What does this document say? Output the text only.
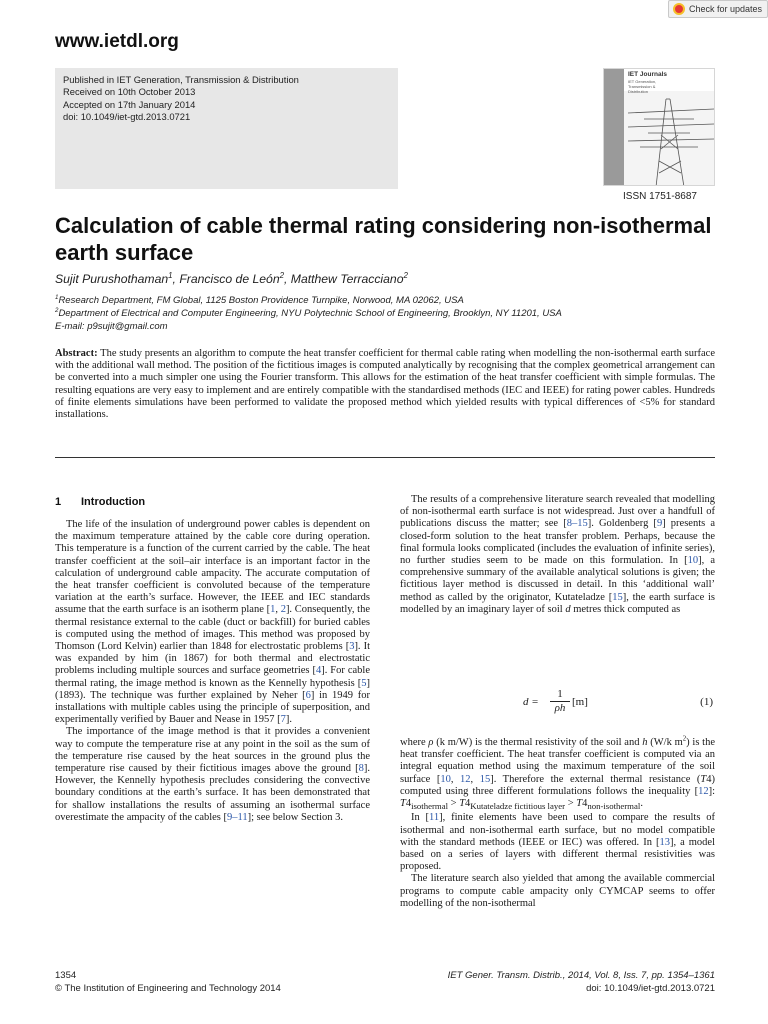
www.ietdl.org
Check for updates
Published in IET Generation, Transmission & Distribution
Received on 10th October 2013
Accepted on 17th January 2014
doi: 10.1049/iet-gtd.2013.0721
IET Journals
IET Generation, Transmission & Distribution
ISSN 1751-8687
Calculation of cable thermal rating considering non-isothermal earth surface
Sujit Purushothaman$^1$, Francisco de León$^2$, Matthew Terracciano$^2$
$^1$Research Department, FM Global, 1125 Boston Providence Turnpike, Norwood, MA 02062, USA
$^2$Department of Electrical and Computer Engineering, NYU Polytechnic School of Engineering, Brooklyn, NY 11201, USA
E-mail: p9sujit@gmail.com
Abstract: The study presents an algorithm to compute the heat transfer coefficient for thermal cable rating when modelling the non-isothermal earth surface with the additional wall method. The position of the fictitious images is computed analytically by recognising that the complex geometrical arrangement can be converted into a much simpler one using the Fourier transform. This allows for the estimation of the heat transfer coefficient with simple formulas. The resulting equations are very easy to implement and are entirely compatible with the standardised methods (IEC and IEEE) for rating power cables. Hundreds of finite elements simulations have been performed to validate the proposed method which yielded results with typical differences of <5% for standard installations.
1 Introduction

The life of the insulation of underground power cables is dependent on the maximum temperature attained by the cable core during operation. This temperature is a function of the current carried by the cable. The heat transfer coefficient at the soil–air interface is an important factor in the calculation of underground cable ampacity. The accurate computation of the heat transfer coefficient is convoluted because of the temperature variation at the earth’s surface. However, the IEEE and IEC standards assume that the earth surface is an isotherm plane [1, 2]. Consequently, the thermal resistance external to the cable (duct or backfill) for buried cables is computed using the method of images. This method was proposed by Thomson (Lord Kelvin) earlier than 1848 for electrostatic problems [3]. It was expanded by him (in 1867) for both thermal and electrostatic problems including multiple sources and surface geometries [4]. For cable thermal rating, the image method is known as the Kennelly hypothesis [5] (1893). The technique was further explained by Neher [6] in 1949 for installations with multiple cables using the principle of superposition, and experimentally verified by Bauer and Nease in 1957 [7].

The importance of the image method is that it provides a convenient way to compute the temperature rise at any point in the soil as the sum of the temperature rise caused by the heat sources in the ground plus the temperature rise caused by their fictitious images above the ground [8]. However, the Kennelly hypothesis precludes considering the convective boundary conditions at the earth’s surface. It has been demonstrated that for shallow installations the results of assuming an isothermal surface overestimate the ampacity of the cables [9–11]; see below Section 3.

The results of a comprehensive literature search revealed that modelling of non-isothermal earth surface is not widespread. Just over a handfull of publications discuss the matter; see [8–15]. Goldenberg [9] presents a closed-form solution to the heat transfer problem. Perhaps, because the final formula looks complicated (includes the evaluation of infinite series), no further studies seem to be made on this formulation. In [10], a comprehensive summary of the available analytical solutions is given; the fictitious layer method is discussed in detail. In this ‘additional wall’ method as called by the originator, Kutateladze [15], the earth surface is modelled by an imaginary layer of soil d metres thick computed as

$d = \frac{1}{\rho h} [m]$	(1)

where ρ (k m/W) is the thermal resistivity of the soil and h (W/k $m^2$) is the heat transfer coefficient. The heat transfer coefficient is computed via an integral equation method using the maximum temperature of the soil surface [10, 12, 15]. Therefore the external thermal resistance (T4) computed using three different formulations follows the inequality [12]: $T4_{isothermal} > T4_{Kutateladze fictitious layer} > T4_{non-isothermal}$.

In [11], finite elements have been used to compare the results of isothermal and non-isothermal earth surface, but no model compatible with the standard methods (IEEE or IEC) was offered. In [13], a model based on a series of layers with different thermal resistivities was proposed.

The literature search also yielded that among the available commercial programs to compute cable ampacity only CYMCAP seems to offer modelling of the non-isothermal

1354
© The Institution of Engineering and Technology 2014
IET Gener. Transm. Distrib., 2014, Vol. 8, Iss. 7, pp. 1354–1361
doi: 10.1049/iet-gtd.2013.0721
